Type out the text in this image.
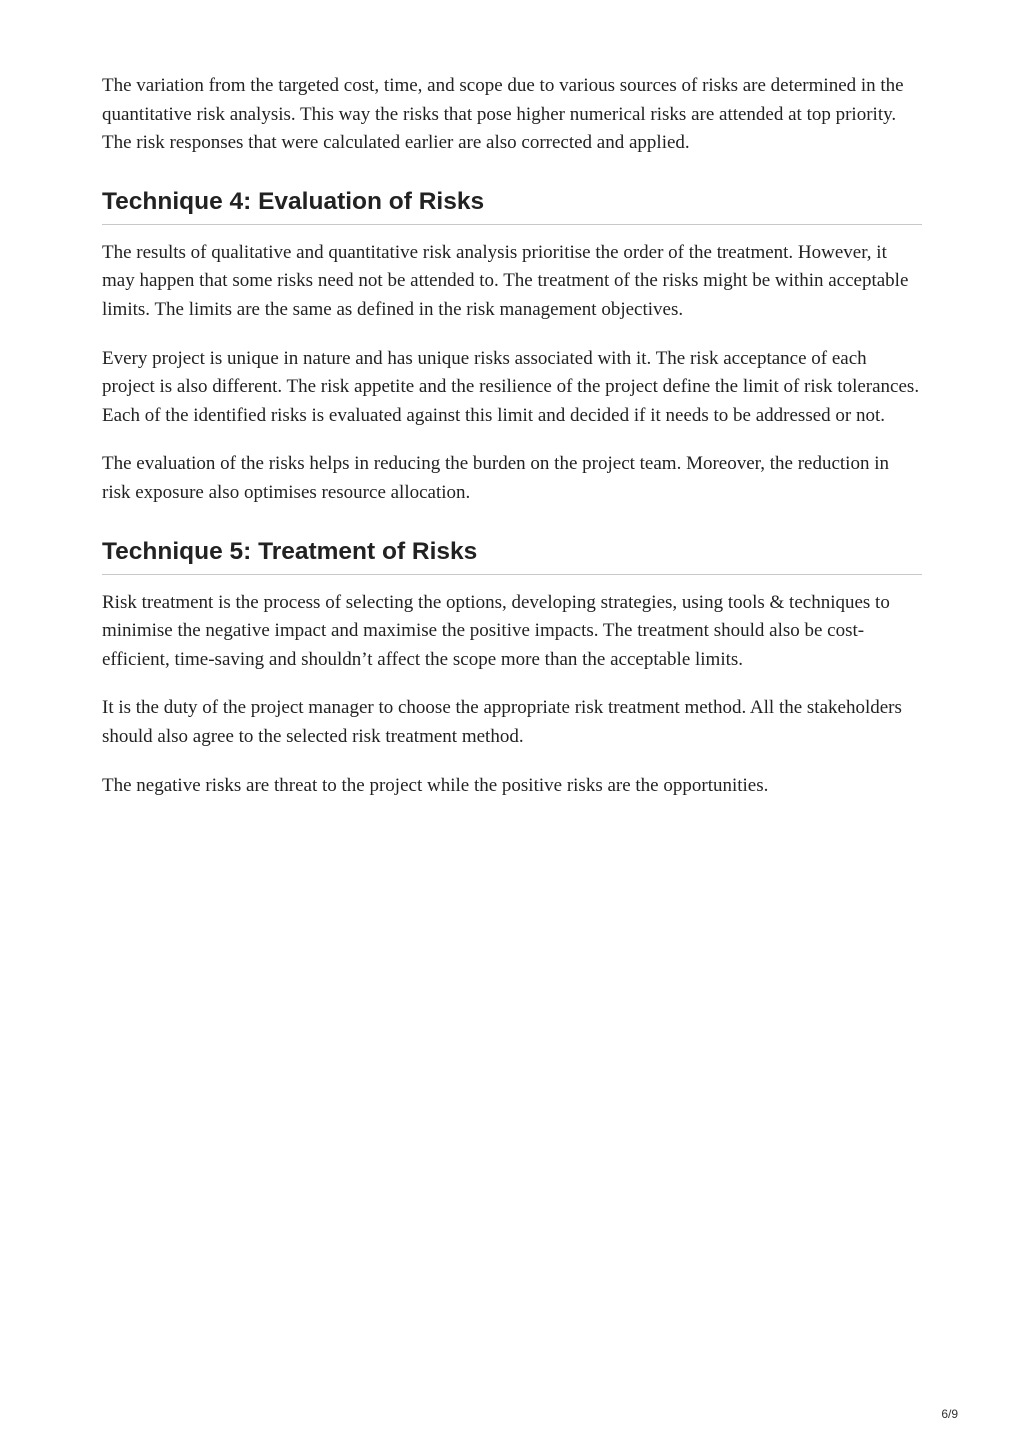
The variation from the targeted cost, time, and scope due to various sources of risks are determined in the quantitative risk analysis. This way the risks that pose higher numerical risks are attended at top priority. The risk responses that were calculated earlier are also corrected and applied.

Technique 4: Evaluation of Risks

The results of qualitative and quantitative risk analysis prioritise the order of the treatment. However, it may happen that some risks need not be attended to. The treatment of the risks might be within acceptable limits. The limits are the same as defined in the risk management objectives.

Every project is unique in nature and has unique risks associated with it. The risk acceptance of each project is also different. The risk appetite and the resilience of the project define the limit of risk tolerances. Each of the identified risks is evaluated against this limit and decided if it needs to be addressed or not.

The evaluation of the risks helps in reducing the burden on the project team. Moreover, the reduction in risk exposure also optimises resource allocation.

Technique 5: Treatment of Risks

Risk treatment is the process of selecting the options, developing strategies, using tools & techniques to minimise the negative impact and maximise the positive impacts. The treatment should also be cost-efficient, time-saving and shouldn’t affect the scope more than the acceptable limits.

It is the duty of the project manager to choose the appropriate risk treatment method. All the stakeholders should also agree to the selected risk treatment method.

The negative risks are threat to the project while the positive risks are the opportunities.

6/9
